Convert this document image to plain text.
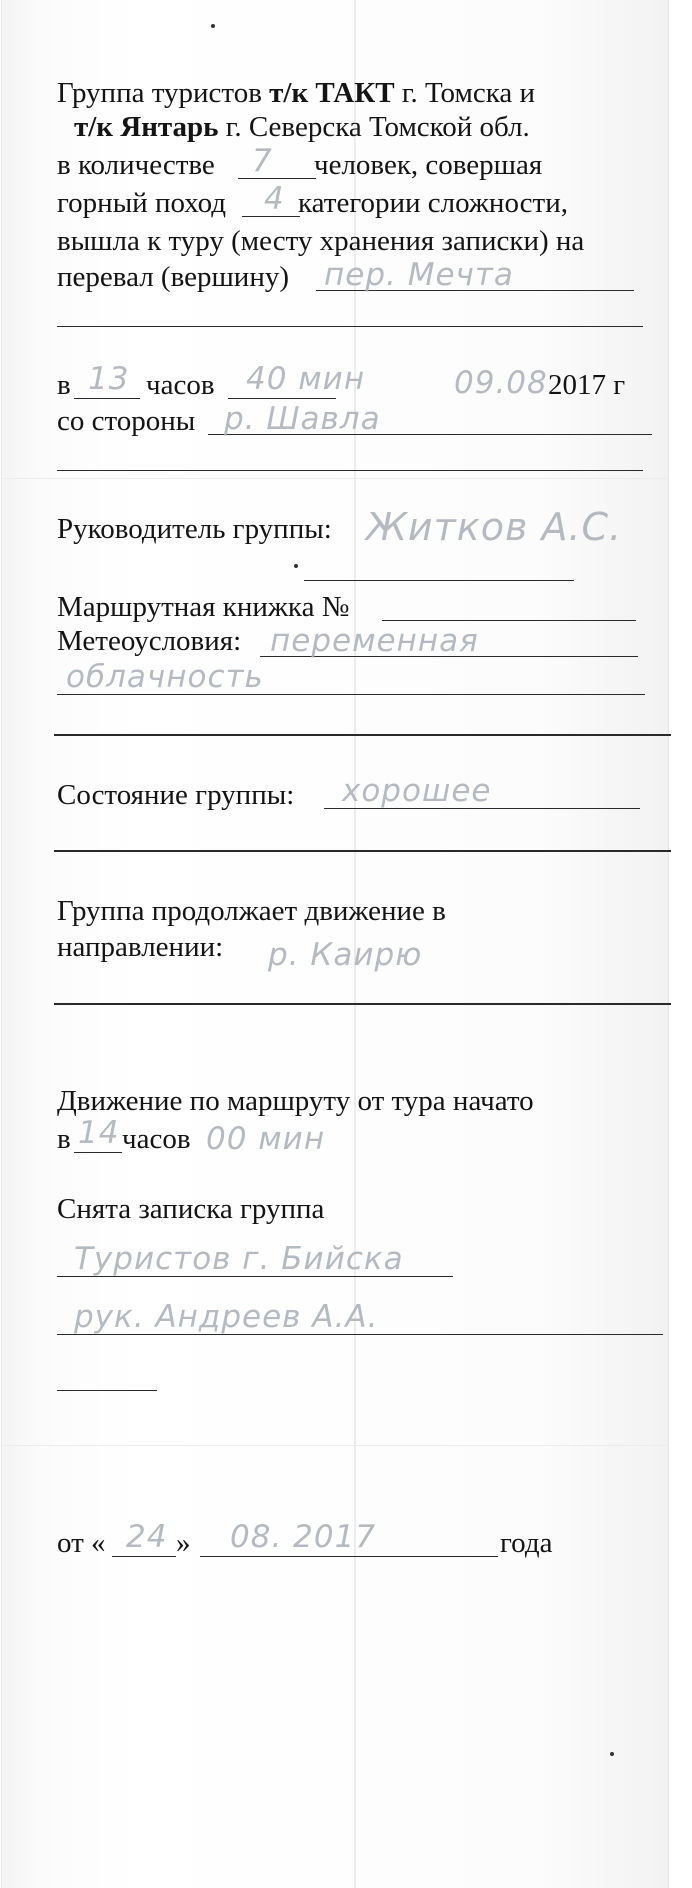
Группа туристов т/к ТАКТ г. Томска и
т/к Янтарь г. Северска Томской обл.
в количестве 7 человек, совершая
горный поход 4 категории сложности,
вышла к туру (месту хранения записки) на
перевал (вершину) пер. Мечта
в 13 часов 40 мин	09.08 2017 г
со стороны р. Шавла
Руководитель группы: Житков А.С.
Маршрутная книжка №
Метеоусловия: переменная
облачность
Состояние группы: хорошее
Группа продолжает движение в
направлении: р. Каирю
Движение по маршруту от тура начато
в 14 часов 00 мин
Снята записка группа
Туристов г. Бийска
рук. Андреев А.А.
от « 24 » 08. 2017	года
